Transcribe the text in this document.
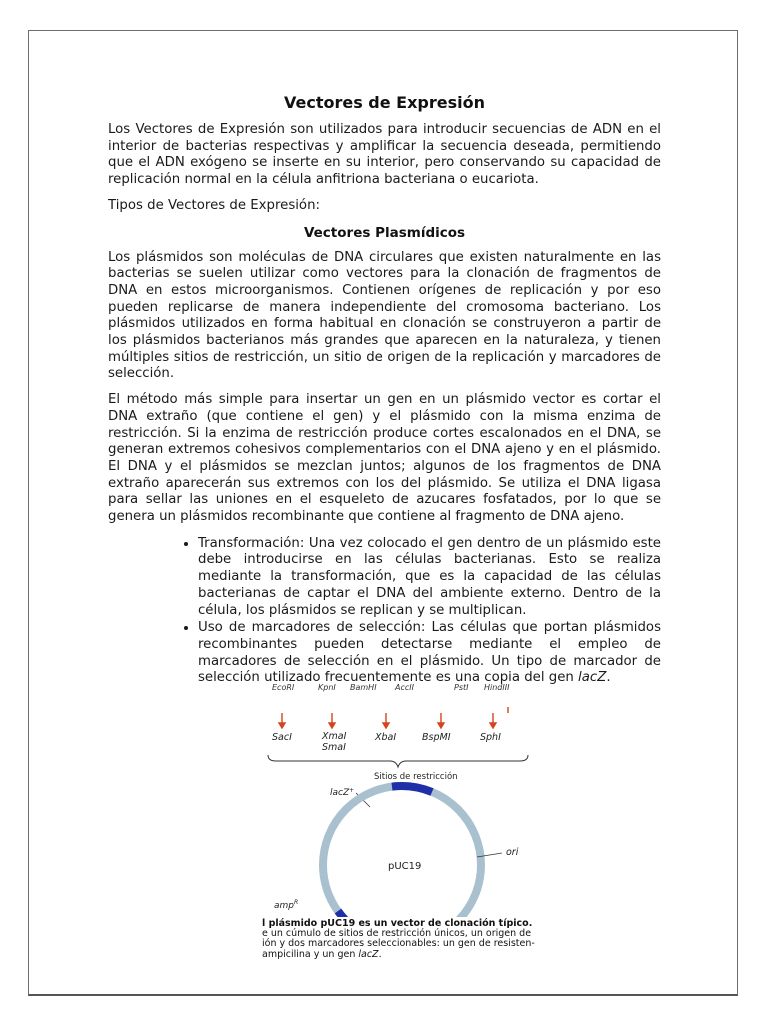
Vectores de Expresión

Los Vectores de Expresión son utilizados para introducir secuencias de ADN en el interior de bacterias respectivas y amplificar la secuencia deseada, permitiendo que el ADN exógeno se inserte en su interior, pero conservando su capacidad de replicación normal en la célula anfitriona bacteriana o eucariota.

Tipos de Vectores de Expresión:

Vectores Plasmídicos

Los plásmidos son moléculas de DNA circulares que existen naturalmente en las bacterias se suelen utilizar como vectores para la clonación de fragmentos de DNA en estos microorganismos. Contienen orígenes de replicación y por eso pueden replicarse de manera independiente del cromosoma bacteriano. Los plásmidos utilizados en forma habitual en clonación se construyeron a partir de los plásmidos bacterianos más grandes que aparecen en la naturaleza, y tienen múltiples sitios de restricción, un sitio de origen de la replicación y marcadores de selección.

El método más simple para insertar un gen en un plásmido vector es cortar el DNA extraño (que contiene el gen) y el plásmido con la misma enzima de restricción. Si la enzima de restricción produce cortes escalonados en el DNA, se generan extremos cohesivos complementarios con el DNA ajeno y en el plásmido. El DNA y el plásmidos se mezclan juntos; algunos de los fragmentos de DNA extraño aparecerán sus extremos con los del plásmido. Se utiliza el DNA ligasa para sellar las uniones en el esqueleto de azucares fosfatados, por lo que se genera un plásmidos recombinante que contiene al fragmento de DNA ajeno.

• Transformación: Una vez colocado el gen dentro de un plásmido este debe introducirse en las células bacterianas. Esto se realiza mediante la transformación, que es la capacidad de las células bacterianas de captar el DNA del ambiente externo. Dentro de la célula, los plásmidos se replican y se multiplican.
• Uso de marcadores de selección: Las células que portan plásmidos recombinantes pueden detectarse mediante el empleo de marcadores de selección en el plásmido. Un tipo de marcador de selección utilizado frecuentemente es una copia del gen lacZ.
EcoRI	KpnI BamHI AccII	PstI HindIII
SacI	XmaI
SmaI
XbaI	BspMI	SphI
Sitios de restricción
lacZ+
pUC19
ori
amp$^R$
l plásmido pUC19 es un vector de clonación típico.
e un cúmulo de sitios de restricción únicos, un origen de
ión y dos marcadores seleccionables: un gen de resisten-
ampicilina y un gen lacZ.
